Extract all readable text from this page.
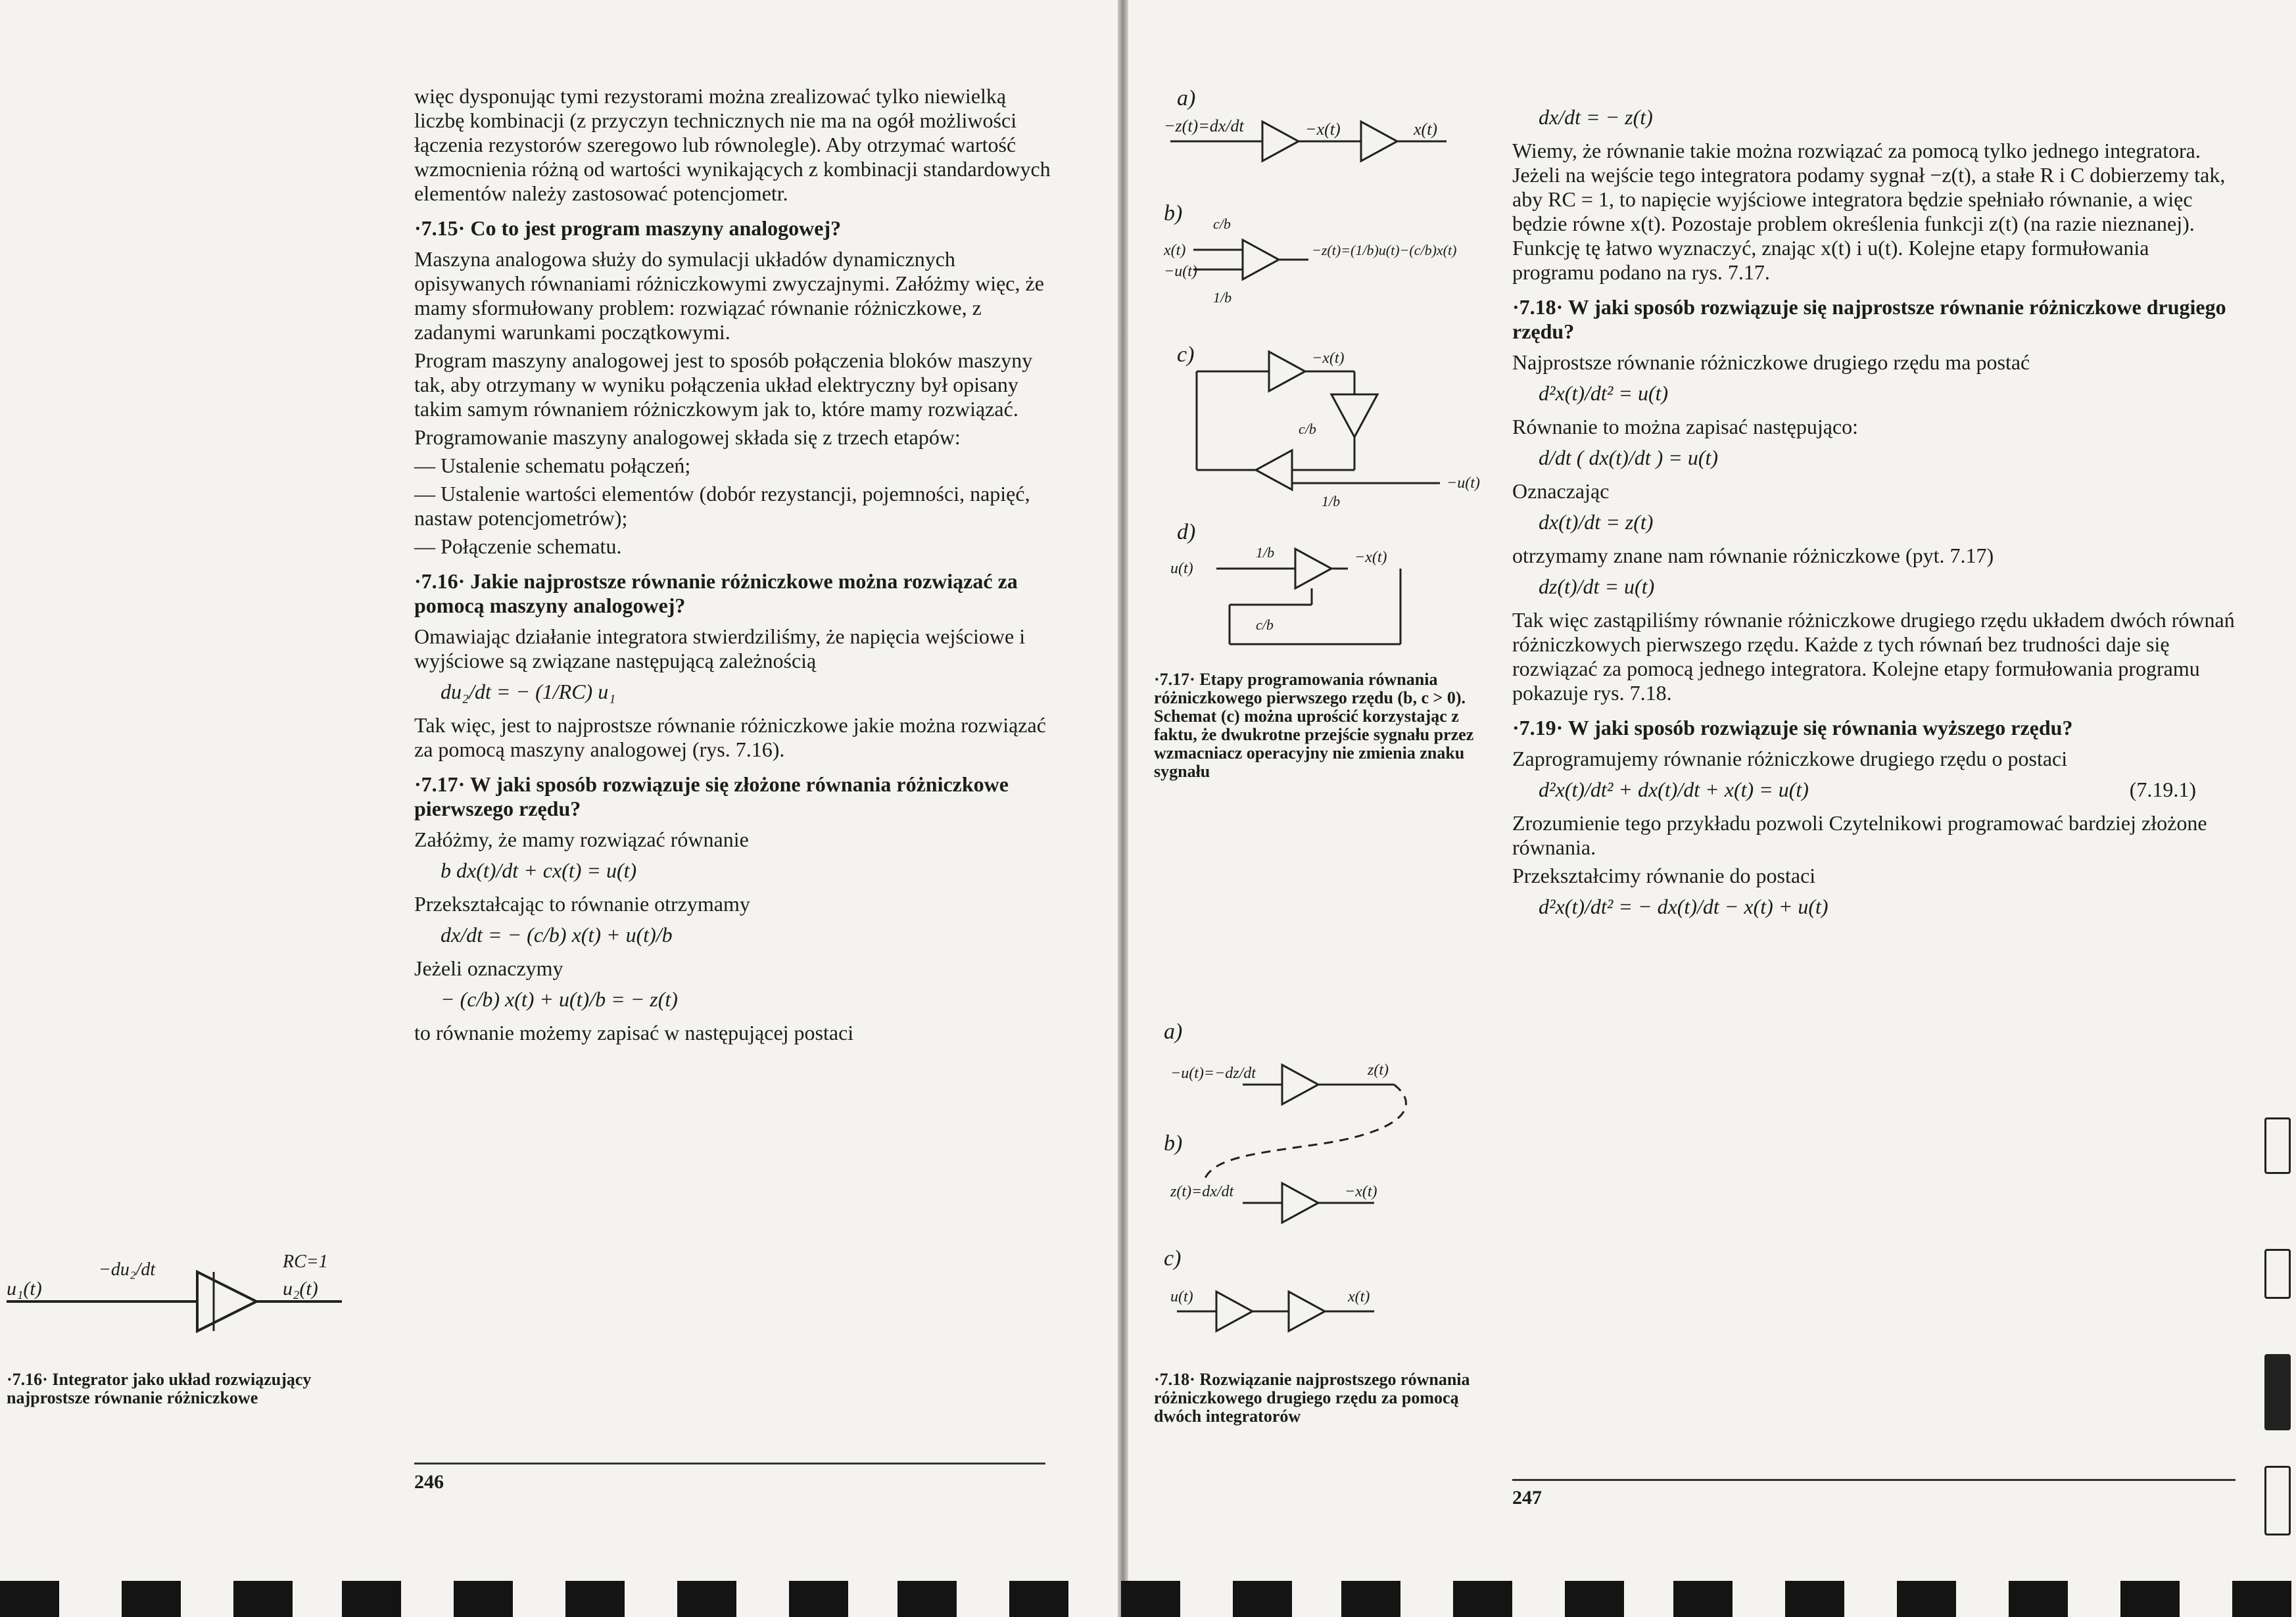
więc dysponując tymi rezystorami można zrealizować tylko niewielką liczbę kombinacji (z przyczyn technicznych nie ma na ogół możliwości łączenia rezystorów szeregowo lub równolegle). Aby otrzymać wartość wzmocnienia różną od wartości wynikających z kombinacji standardowych elementów należy zastosować potencjometr.

·7.15· Co to jest program maszyny analogowej?

Maszyna analogowa służy do symulacji układów dynamicznych opisywanych równaniami różniczkowymi zwyczajnymi. Załóżmy więc, że mamy sformułowany problem: rozwiązać równanie różniczkowe, z zadanymi warunkami początkowymi.

Program maszyny analogowej jest to sposób połączenia bloków maszyny tak, aby otrzymany w wyniku połączenia układ elektryczny był opisany takim samym równaniem różniczkowym jak to, które mamy rozwiązać.

Programowanie maszyny analogowej składa się z trzech etapów:

— Ustalenie schematu połączeń;

— Ustalenie wartości elementów (dobór rezystancji, pojemności, napięć, nastaw potencjometrów);

— Połączenie schematu.

·7.16· Jakie najprostsze równanie różniczkowe można rozwiązać za pomocą maszyny analogowej?

Omawiając działanie integratora stwierdziliśmy, że napięcia wejściowe i wyjściowe są związane następującą zależnością

du₂/dt = − (1/RC) u₁

Tak więc, jest to najprostsze równanie różniczkowe jakie można rozwiązać za pomocą maszyny analogowej (rys. 7.16).

·7.17· W jaki sposób rozwiązuje się złożone równania różniczkowe pierwszego rzędu?

Załóżmy, że mamy rozwiązać równanie

b dx(t)/dt + cx(t) = u(t)

Przekształcając to równanie otrzymamy

dx/dt = − (c/b) x(t) + u(t)/b

Jeżeli oznaczymy

− (c/b) x(t) + u(t)/b = − z(t)

to równanie możemy zapisać w następującej postaci

u₁(t)
−du₂/dt	RC=1
u₂(t)
·7.16· Integrator jako układ rozwiązujący najprostsze równanie różniczkowe
246
a)
−z(t)=dx/dt	−x(t)	x(t)
b)
x(t)
−u(t)
c/b
1/b
−z(t)=(1/b)u(t)−(c/b)x(t)
c)	−x(t)
c/b
1/b
−u(t)
d)
u(t)
1/b
c/b
−x(t)
·7.17· Etapy programowania równania różniczkowego pierwszego rzędu (b, c > 0). Schemat (c) można uprościć korzystając z faktu, że dwukrotne przejście sygnału przez wzmacniacz operacyjny nie zmienia znaku sygnału
a)
−u(t)=−dz/dt	z(t)
b)
z(t)=dx/dt	−x(t)
c)
u(t)	x(t)
·7.18· Rozwiązanie najprostszego równania różniczkowego drugiego rzędu za pomocą dwóch integratorów

dx/dt = − z(t)

Wiemy, że równanie takie można rozwiązać za pomocą tylko jednego integratora. Jeżeli na wejście tego integratora podamy sygnał −z(t), a stałe R i C dobierzemy tak, aby RC = 1, to napięcie wyjściowe integratora będzie spełniało równanie, a więc będzie równe x(t). Pozostaje problem określenia funkcji z(t) (na razie nieznanej). Funkcję tę łatwo wyznaczyć, znając x(t) i u(t). Kolejne etapy formułowania programu podano na rys. 7.17.

·7.18· W jaki sposób rozwiązuje się najprostsze równanie różniczkowe drugiego rzędu?

Najprostsze równanie różniczkowe drugiego rzędu ma postać

d²x(t)/dt² = u(t)

Równanie to można zapisać następująco:

d/dt ( dx(t)/dt ) = u(t)

Oznaczając

dx(t)/dt = z(t)

otrzymamy znane nam równanie różniczkowe (pyt. 7.17)

dz(t)/dt = u(t)

Tak więc zastąpiliśmy równanie różniczkowe drugiego rzędu układem dwóch równań różniczkowych pierwszego rzędu. Każde z tych równań bez trudności daje się rozwiązać za pomocą jednego integratora. Kolejne etapy formułowania programu pokazuje rys. 7.18.

·7.19· W jaki sposób rozwiązuje się równania wyższego rzędu?

Zaprogramujemy równanie różniczkowe drugiego rzędu o postaci

d²x(t)/dt² + dx(t)/dt + x(t) = u(t)	(7.19.1)

Zrozumienie tego przykładu pozwoli Czytelnikowi programować bardziej złożone równania.

Przekształcimy równanie do postaci

d²x(t)/dt² = − dx(t)/dt − x(t) + u(t)

247
